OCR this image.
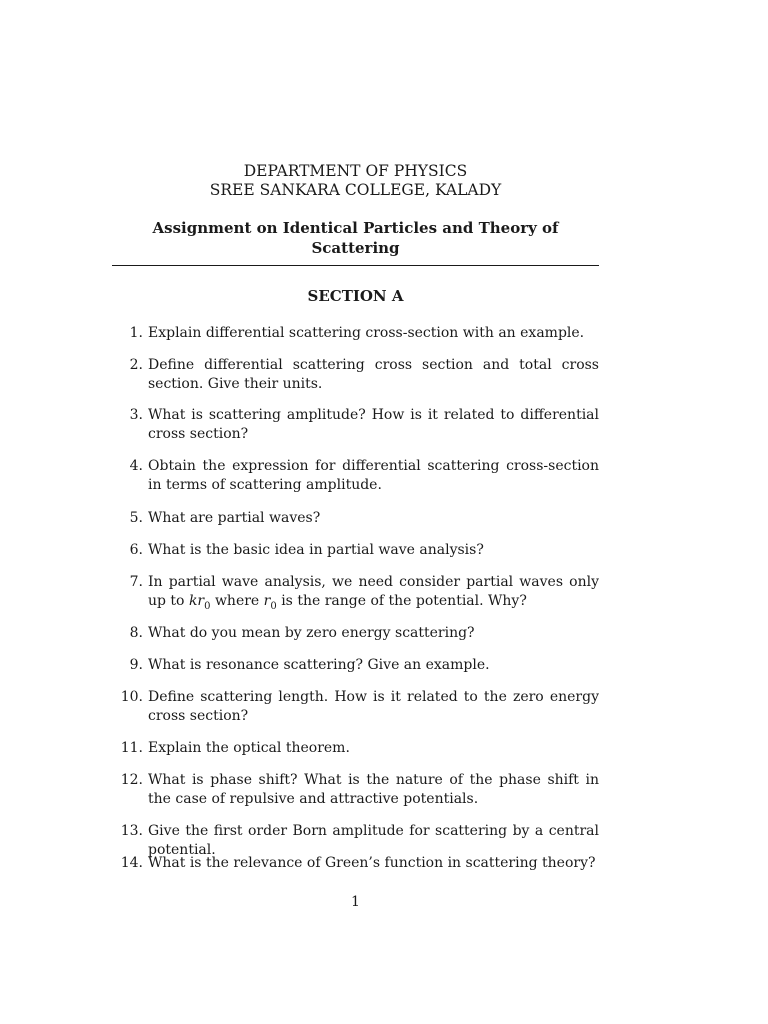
DEPARTMENT OF PHYSICS
SREE SANKARA COLLEGE, KALADY
Assignment on Identical Particles and Theory of Scattering
SECTION A
1. Explain differential scattering cross-section with an example.
2. Define differential scattering cross section and total cross section. Give their units.
3. What is scattering amplitude? How is it related to differential cross section?
4. Obtain the expression for differential scattering cross-section in terms of scattering amplitude.
5. What are partial waves?
6. What is the basic idea in partial wave analysis?
7. In partial wave analysis, we need consider partial waves only up to $kr_0$ where $r_0$ is the range of the potential. Why?
8. What do you mean by zero energy scattering?
9. What is resonance scattering? Give an example.
10. Define scattering length. How is it related to the zero energy cross section?
11. Explain the optical theorem.
12. What is phase shift? What is the nature of the phase shift in the case of repulsive and attractive potentials.
13. Give the first order Born amplitude for scattering by a central potential.
14. What is the relevance of Green’s function in scattering theory?
1
